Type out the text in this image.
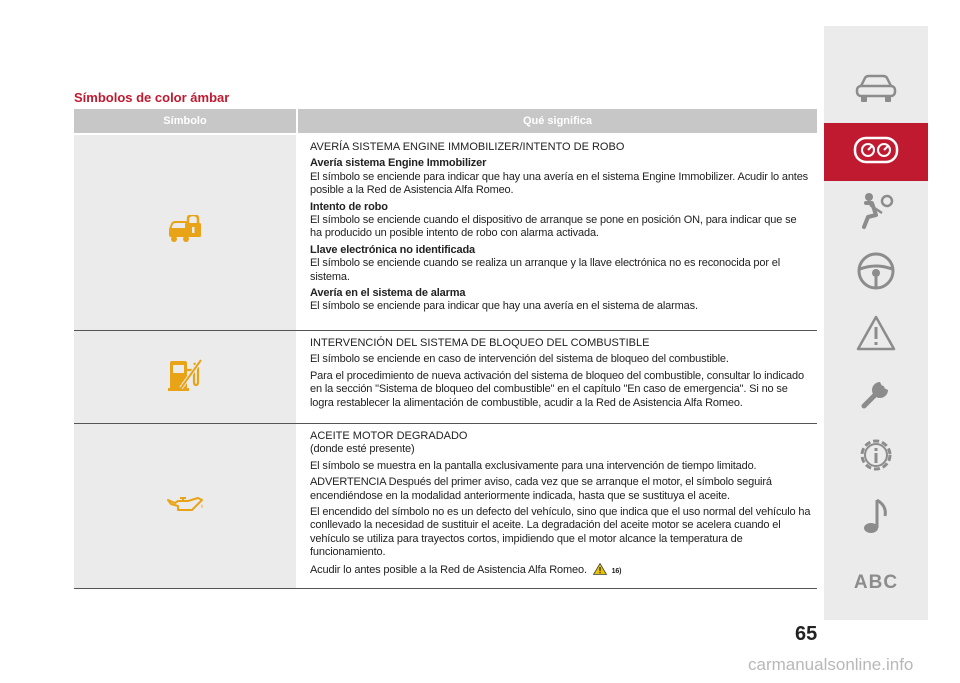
Símbolos de color ámbar
Símbolo	Qué significa

AVERÍA SISTEMA ENGINE IMMOBILIZER/INTENTO DE ROBO

Avería sistema Engine Immobilizer

El símbolo se enciende para indicar que hay una avería en el sistema Engine Immobilizer. Acudir lo antes posible a la Red de Asistencia Alfa Romeo.

Intento de robo

El símbolo se enciende cuando el dispositivo de arranque se pone en posición ON, para indicar que se ha producido un posible intento de robo con alarma activada.

Llave electrónica no identificada

El símbolo se enciende cuando se realiza un arranque y la llave electrónica no es reconocida por el sistema.

Avería en el sistema de alarma

El símbolo se enciende para indicar que hay una avería en el sistema de alarmas.

INTERVENCIÓN DEL SISTEMA DE BLOQUEO DEL COMBUSTIBLE

El símbolo se enciende en caso de intervención del sistema de bloqueo del combustible.

Para el procedimiento de nueva activación del sistema de bloqueo del combustible, consultar lo indicado en la sección "Sistema de bloqueo del combustible" en el capítulo "En caso de emergencia". Si no se logra restablecer la alimentación de combustible, acudir a la Red de Asistencia Alfa Romeo.

ACEITE MOTOR DEGRADADO

(donde esté presente)

El símbolo se muestra en la pantalla exclusivamente para una intervención de tiempo limitado.

ADVERTENCIA Después del primer aviso, cada vez que se arranque el motor, el símbolo seguirá encendiéndose en la modalidad anteriormente indicada, hasta que se sustituya el aceite.

El encendido del símbolo no es un defecto del vehículo, sino que indica que el uso normal del vehículo ha conllevado la necesidad de sustituir el aceite. La degradación del aceite motor se acelera cuando el vehículo se utiliza para trayectos cortos, impidiendo que el motor alcance la temperatura de funcionamiento.

Acudir lo antes posible a la Red de Asistencia Alfa Romeo.	16)

ABC
65
carmanualsonline.info
